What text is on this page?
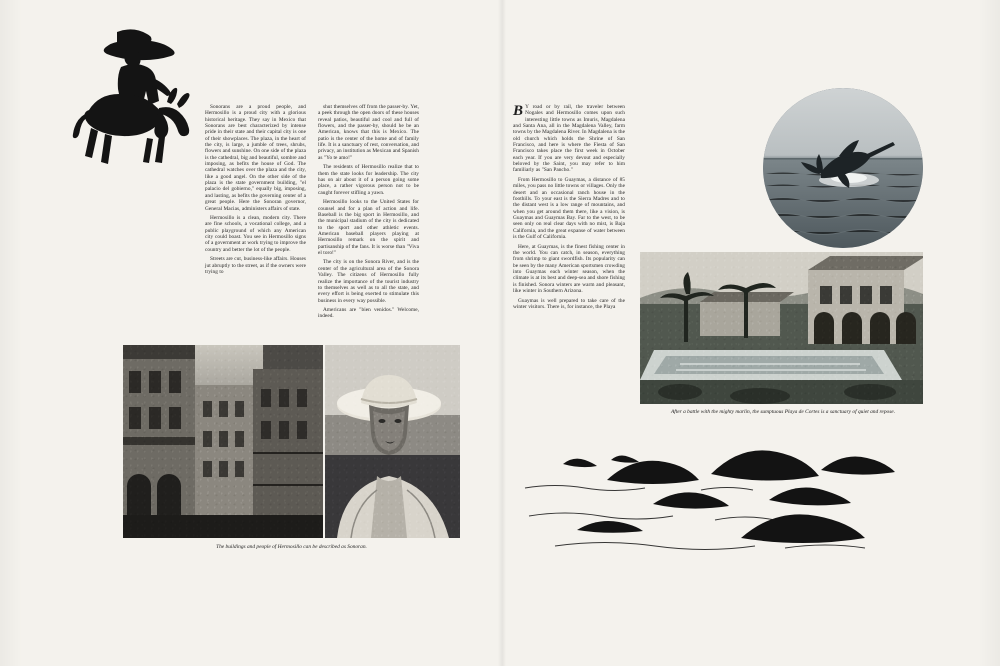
Sonorans are a proud people, and Hermosillo is a proud city with a glorious historical heritage. They say in Mexico that Sonorans are best characterized by intense pride in their state and their capital city is one of their showplaces. The plaza, in the heart of the city, is large, a jumble of trees, shrubs, flowers and sunshine. On one side of the plaza is the cathedral, big and beautiful, sombre and imposing, as befits the house of God. The cathedral watches over the plaza and the city, like a good angel. On the other side of the plaza is the state government building, "el palacio del gobierno," equally big, imposing, and lasting, as befits the governing center of a great people. Here the Sonoran governor, General Macias, administers affairs of state.

Hermosillo is a clean, modern city. There are fine schools, a vocational college, and a public playground of which any American city could boast. You see in Hermosillo signs of a government at work trying to improve the country and better the lot of the people.

Streets are cut, business-like affairs. Houses jut abruptly to the street, as if the owners were trying to

shut themselves off from the passer-by. Yet, a peek through the open doors of these houses reveal patios, beautiful and cool and full of flowers, and the passer-by, should he be an American, knows that this is Mexico. The patio is the center of the home and of family life. It is a sanctuary of rest, conversation, and privacy, an institution as Mexican and Spanish as "Yo te amo!"

The residents of Hermosillo realize that to them the state looks for leadership. The city has on air about it of a person going some place, a rather vigorous person not to be caught forever stifling a yawn.

Hermosillo looks to the United States for counsel and for a plan of action and life. Baseball is the big sport in Hermosillo, and the municipal stadium of the city is dedicated to the sport and other athletic events. American baseball players playing at Hermosillo remark on the spirit and partisanship of the fans. It is worse than "Viva el toro!"

The city is on the Sonora River, and is the center of the agricultural area of the Sonora Valley. The citizens of Hermosillo fully realize the importance of the tourist industry to themselves as well as to all the state, and every effort is being exerted to stimulate this business in every way possible.

Americans are "bien venidos." Welcome, indeed.

The buildings and people of Hermosillo can be described as Sonoran.

B Y road or by rail, the traveler between Nogales and Hermosillo comes upon such interesting little towns as Imuris, Magdalena and Santa Ana, all in the Magdalena Valley, farm towns by the Magdalena River. In Magdalena is the old church which holds the Shrine of San Francisco, and here is where the Fiesta of San Francisco takes place the first week in October each year. If you are very devout and especially beloved by the Saint, you may refer to him familiarly as "San Pancho."

From Hermosillo to Guaymas, a distance of 85 miles, you pass no little towns or villages. Only the desert and an occasional ranch house in the foothills. To your east is the Sierra Madres and to the distant west is a low range of mountains, and when you get around them there, like a vision, is Guaymas and Guaymas Bay. Far to the west, to be seen only on real clear days with no mist, is Baja California, and the great expanse of water between is the Gulf of California.

Here, at Guaymas, is the finest fishing center in the world. You can catch, in season, everything from shrimp to giant swordfish. Its popularity can be seen by the many American sportsmen crowding into Guaymas each winter season, when the climate is at its best and deep-sea and shore fishing is finished. Sonora winters are warm and pleasant, like winter in Southern Arizona.

Guaymas is well prepared to take care of the winter visitors. There is, for instance, the Playa

After a battle with the mighty marlin, the sumptuous Playa de Cortes is a sanctuary of quiet and repose.
